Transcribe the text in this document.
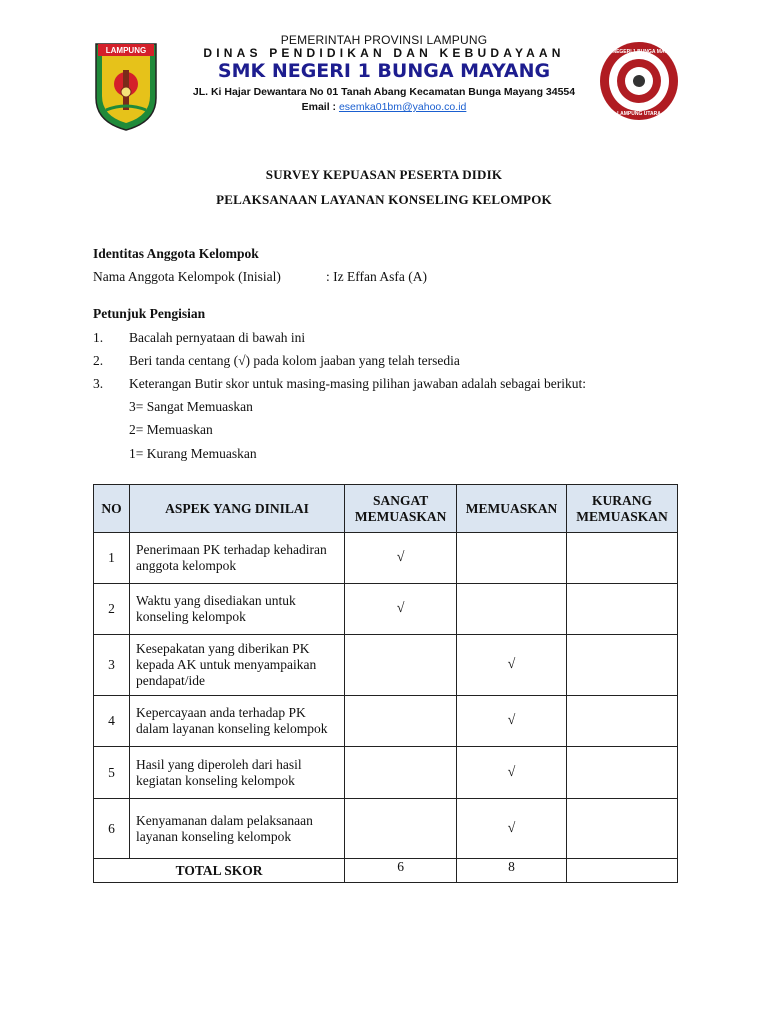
LAMPUNG	SMK NEGERI 1 BUNGA MAYANG
LAMPUNG UTARA
PEMERINTAH PROVINSI LAMPUNG
DINAS PENDIDIKAN DAN KEBUDAYAAN
SMK NEGERI 1 BUNGA MAYANG
JL. Ki Hajar Dewantara No 01 Tanah Abang Kecamatan Bunga Mayang 34554
Email : esemka01bm@yahoo.co.id
SURVEY KEPUASAN PESERTA DIDIK
PELAKSANAAN LAYANAN KONSELING KELOMPOK
Identitas Anggota Kelompok
Nama Anggota Kelompok (Inisial)	: Iz Effan Asfa (A)
Petunjuk Pengisian
1. Bacalah pernyataan di bawah ini
2. Beri tanda centang (√) pada kolom jaaban yang telah tersedia
3. Keterangan Butir skor untuk masing-masing pilihan jawaban adalah sebagai berikut:
3= Sangat Memuaskan
2= Memuaskan
1= Kurang Memuaskan
NO	ASPEK YANG DINILAI	SANGAT MEMUASKAN	MEMUASKAN	KURANG MEMUASKAN
1	Penerimaan PK terhadap kehadiran anggota kelompok	√		
2	Waktu yang disediakan untuk konseling kelompok	√		
3	Kesepakatan yang diberikan PK kepada AK untuk menyampaikan pendapat/ide		√	
4	Kepercayaan anda terhadap PK dalam layanan konseling kelompok		√	
5	Hasil yang diperoleh dari hasil kegiatan konseling kelompok		√	
6	Kenyamanan dalam pelaksanaan layanan konseling kelompok		√	
TOTAL SKOR		6	8	
